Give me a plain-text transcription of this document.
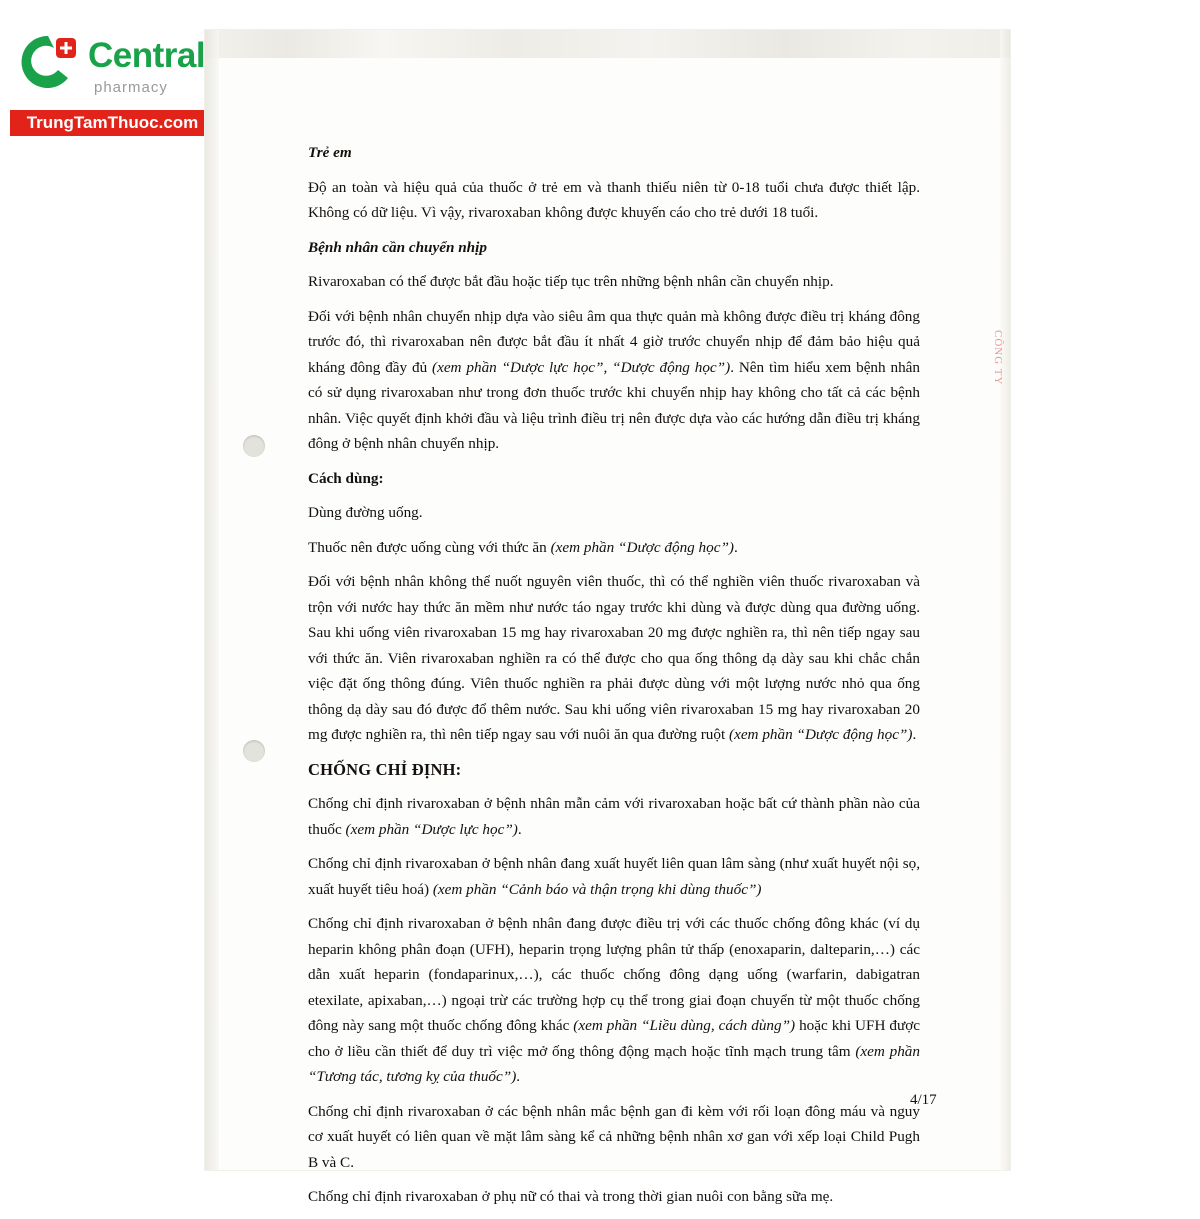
Central
pharmacy
TrungTamThuoc.com
CÔNG TY

Trẻ em

Độ an toàn và hiệu quả của thuốc ở trẻ em và thanh thiếu niên từ 0-18 tuổi chưa được thiết lập. Không có dữ liệu. Vì vậy, rivaroxaban không được khuyến cáo cho trẻ dưới 18 tuổi.

Bệnh nhân cần chuyển nhịp

Rivaroxaban có thể được bắt đầu hoặc tiếp tục trên những bệnh nhân cần chuyển nhịp.

Đối với bệnh nhân chuyển nhịp dựa vào siêu âm qua thực quản mà không được điều trị kháng đông trước đó, thì rivaroxaban nên được bắt đầu ít nhất 4 giờ trước chuyển nhịp để đảm bảo hiệu quả kháng đông đầy đủ (xem phần “Dược lực học”, “Dược động học”). Nên tìm hiểu xem bệnh nhân có sử dụng rivaroxaban như trong đơn thuốc trước khi chuyển nhịp hay không cho tất cả các bệnh nhân. Việc quyết định khởi đầu và liệu trình điều trị nên được dựa vào các hướng dẫn điều trị kháng đông ở bệnh nhân chuyển nhịp.

Cách dùng:

Dùng đường uống.

Thuốc nên được uống cùng với thức ăn (xem phần “Dược động học”).

Đối với bệnh nhân không thể nuốt nguyên viên thuốc, thì có thể nghiền viên thuốc rivaroxaban và trộn với nước hay thức ăn mềm như nước táo ngay trước khi dùng và được dùng qua đường uống. Sau khi uống viên rivaroxaban 15 mg hay rivaroxaban 20 mg được nghiền ra, thì nên tiếp ngay sau với thức ăn. Viên rivaroxaban nghiền ra có thể được cho qua ống thông dạ dày sau khi chắc chắn việc đặt ống thông đúng. Viên thuốc nghiền ra phải được dùng với một lượng nước nhỏ qua ống thông dạ dày sau đó được đổ thêm nước. Sau khi uống viên rivaroxaban 15 mg hay rivaroxaban 20 mg được nghiền ra, thì nên tiếp ngay sau với nuôi ăn qua đường ruột (xem phần “Dược động học”).

CHỐNG CHỈ ĐỊNH:

Chống chỉ định rivaroxaban ở bệnh nhân mẫn cảm với rivaroxaban hoặc bất cứ thành phần nào của thuốc (xem phần “Dược lực học”).

Chống chỉ định rivaroxaban ở bệnh nhân đang xuất huyết liên quan lâm sàng (như xuất huyết nội sọ, xuất huyết tiêu hoá) (xem phần “Cảnh báo và thận trọng khi dùng thuốc”)

Chống chỉ định rivaroxaban ở bệnh nhân đang được điều trị với các thuốc chống đông khác (ví dụ heparin không phân đoạn (UFH), heparin trọng lượng phân tử thấp (enoxaparin, dalteparin,…) các dẫn xuất heparin (fondaparinux,…), các thuốc chống đông dạng uống (warfarin, dabigatran etexilate, apixaban,…) ngoại trừ các trường hợp cụ thể trong giai đoạn chuyển từ một thuốc chống đông này sang một thuốc chống đông khác (xem phần “Liều dùng, cách dùng”) hoặc khi UFH được cho ở liều cần thiết để duy trì việc mở ống thông động mạch hoặc tĩnh mạch trung tâm (xem phần “Tương tác, tương kỵ của thuốc”).

Chống chỉ định rivaroxaban ở các bệnh nhân mắc bệnh gan đi kèm với rối loạn đông máu và nguy cơ xuất huyết có liên quan về mặt lâm sàng kể cả những bệnh nhân xơ gan với xếp loại Child Pugh B và C.

Chống chỉ định rivaroxaban ở phụ nữ có thai và trong thời gian nuôi con bằng sữa mẹ.

4/17
